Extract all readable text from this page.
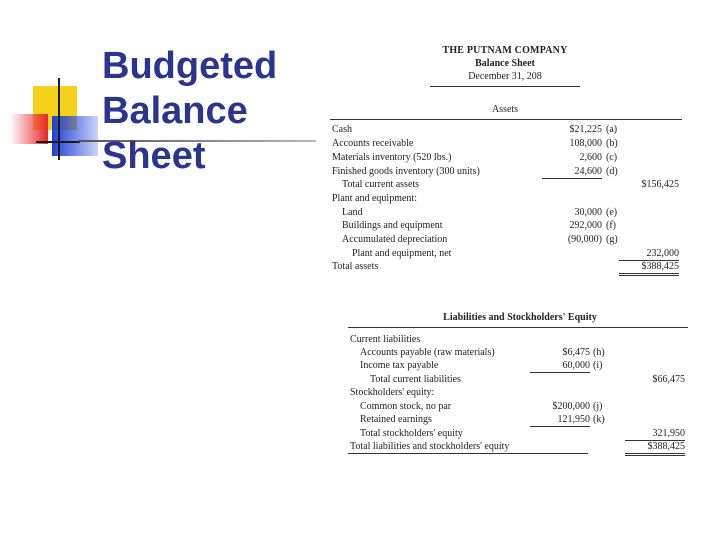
Budgeted
Balance
Sheet
THE PUTNAM COMPANY
Balance Sheet
December 31, 208
Assets
Cash	$21,225 (a)
Accounts receivable	108,000 (b)
Materials inventory (520 lbs.)	2,600 (c)
Finished goods inventory (300 units)	24,600 (d)
Total current assets	$156,425
Plant and equipment:
Land	30,000 (e)
Buildings and equipment	292,000 (f)
Accumulated depreciation	(90,000) (g)
Plant and equipment, net	232,000
Total assets	$388,425
Liabilities and Stockholders' Equity
Current liabilities
Accounts payable (raw materials)	$6,475 (h)
Income tax payable	60,000 (i)
Total current liabilities	$66,475
Stockholders' equity:
Common stock, no par	$200,000 (j)
Retained earnings	121,950 (k)
Total stockholders' equity	321,950
Total liabilities and stockholders' equity	$388,425
